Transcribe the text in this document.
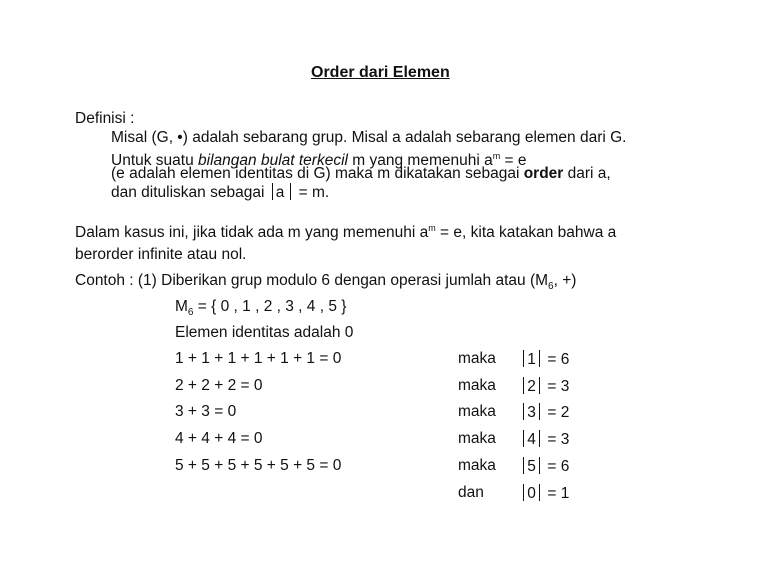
Order dari Elemen
Definisi :
Misal (G, •) adalah sebarang grup. Misal a adalah sebarang elemen dari G.
Untuk suatu bilangan bulat terkecil m yang memenuhi $a^m = e$
(e adalah elemen identitas di G) maka m dikatakan sebagai order dari a,
dan dituliskan sebagai a = m.
Dalam kasus ini, jika tidak ada m yang memenuhi $a^m = e$, kita katakan bahwa a
berorder infinite atau nol.
Contoh : (1) Diberikan grup modulo 6 dengan operasi jumlah atau ($M_6$, +)
$M_6$ = { 0 , 1 , 2 , 3 , 4 , 5 }
Elemen identitas adalah 0
1 + 1 + 1 + 1 + 1 + 1 = 0
2 + 2 + 2 = 0
3 + 3 = 0
4 + 4 + 4 = 0
5 + 5 + 5 + 5 + 5 + 5 = 0
maka
maka
maka
maka
maka
dan
1 = 6
2 = 3
3 = 2
4 = 3
5 = 6
0 = 1
